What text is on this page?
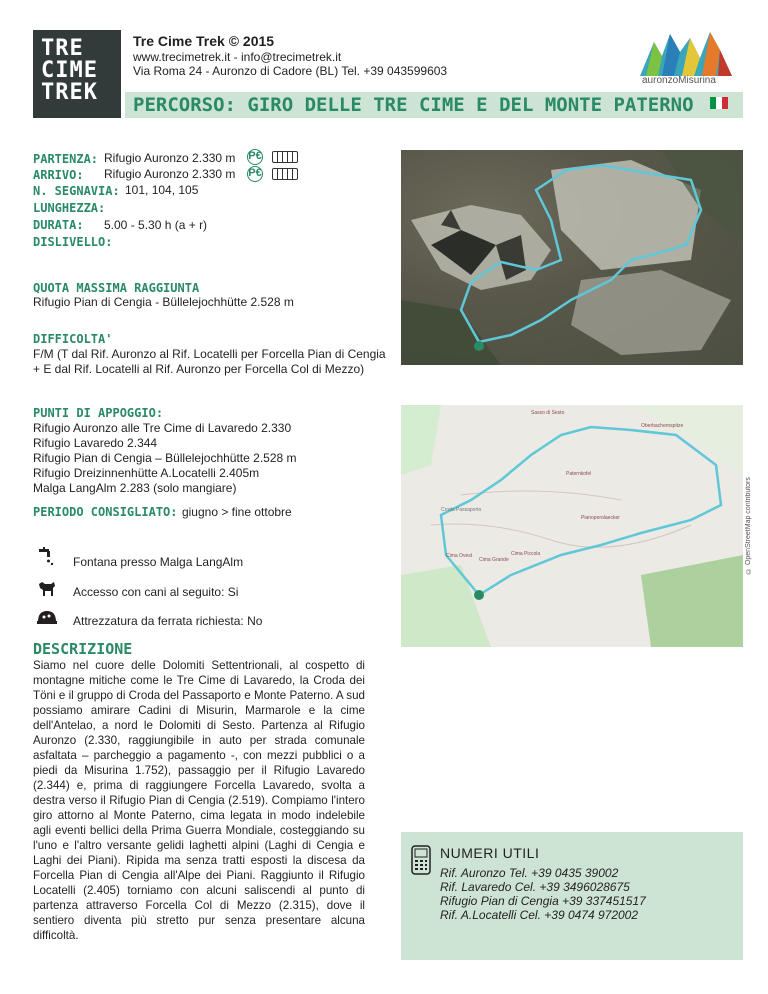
TRE
CIME
TREK
Tre Cime Trek © 2015
www.trecimetrek.it - info@trecimetrek.it
Via Roma 24 - Auronzo di Cadore (BL) Tel. +39 043599603
auronzoMisurina
PERCORSO: GIRO DELLE TRE CIME E DEL MONTE PATERNO
PARTENZA: Rifugio Auronzo 2.330 m
ARRIVO: Rifugio Auronzo 2.330 m
N. SEGNAVIA: 101, 104, 105
LUNGHEZZA:
DURATA: 5.00 - 5.30 h (a + r)
DISLIVELLO:
P€
P€
QUOTA MASSIMA RAGGIUNTA
Rifugio Pian di Cengia - Büllelejochhütte 2.528 m
DIFFICOLTA'
F/M (T dal Rif. Auronzo al Rif. Locatelli per Forcella Pian di Cengia
+ E dal Rif. Locatelli al Rif. Auronzo per Forcella Col di Mezzo)
PUNTI DI APPOGGIO:
Rifugio Auronzo alle Tre Cime di Lavaredo 2.330
Rifugio Lavaredo 2.344
Rifugio Pian di Cengia – Büllelejochhütte 2.528 m
Rifugio Dreizinnenhütte A.Locatelli 2.405m
Malga LangAlm 2.283 (solo mangiare)
PERIODO CONSIGLIATO: giugno > fine ottobre
Sasso di Sesto
Oberbachernspitze
Paternkofel
Pianoperolaecker
Croda Passaporto
Cima Ovest
Cima Grande
Cima Piccola	© OpenStreetMap contributors
Fontana presso Malga LangAlm
Accesso con cani al seguito: Si
Attrezzatura da ferrata richiesta: No
DESCRIZIONE
Siamo nel cuore delle Dolomiti Settentrionali, al cospetto di montagne mitiche come le Tre Cime di Lavaredo, la Croda dei Töni e il gruppo di Croda del Passaporto e Monte Paterno. A sud possiamo amirare Cadini di Misurin, Marmarole e la cime dell'Antelao, a nord le Dolomiti di Sesto. Partenza al Rifugio Auronzo (2.330, raggiungibile in auto per strada comunale asfaltata – parcheggio a pagamento -, con mezzi pubblici o a piedi da Misurina 1.752), passaggio per il Rifugio Lavaredo (2.344) e, prima di raggiungere Forcella Lavaredo, svolta a destra verso il Rifugio Pian di Cengia (2.519). Compiamo l'intero giro attorno al Monte Paterno, cima legata in modo indelebile agli eventi bellici della Prima Guerra Mondiale, costeggiando su l'uno e l'altro versante gelidi laghetti alpini (Laghi di Cengia e Laghi dei Piani). Ripida ma senza tratti esposti la discesa da Forcella Pian di Cengia all'Alpe dei Piani. Raggiunto il Rifugio Locatelli (2.405) torniamo con alcuni saliscendi al punto di partenza attraverso Forcella Col di Mezzo (2.315), dove il sentiero diventa più stretto pur senza presentare alcuna difficoltà.
NUMERI UTILI
Rif. Auronzo Tel. +39 0435 39002
Rif. Lavaredo Cel. +39 3496028675
Rifugio Pian di Cengia +39 337451517
Rif. A.Locatelli Cel. +39 0474 972002
